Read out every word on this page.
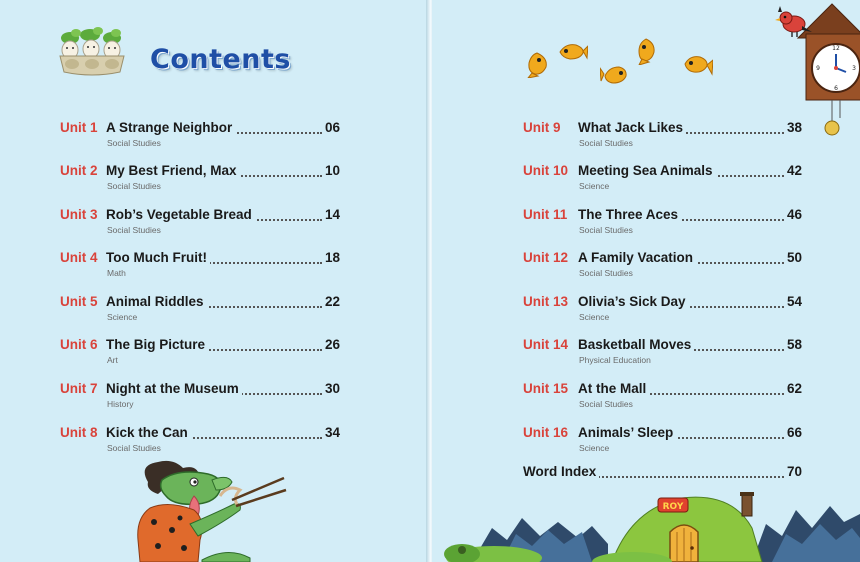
Contents
Unit 1 A Strange Neighbor	06
Social Studies
Unit 2 My Best Friend, Max	10
Social Studies
Unit 3 Rob’s Vegetable Bread	14
Social Studies
Unit 4 Too Much Fruit!	18
Math
Unit 5 Animal Riddles	22
Science
Unit 6 The Big Picture	26
Art
Unit 7 Night at the Museum	30
History
Unit 8 Kick the Can	34
Social Studies
12
3
6
9
Unit 9 What Jack Likes	38
Social Studies
Unit 10 Meeting Sea Animals	42
Science
Unit 11 The Three Aces	46
Social Studies
Unit 12 A Family Vacation	50
Social Studies
Unit 13 Olivia’s Sick Day	54
Science
Unit 14 Basketball Moves	58
Physical Education
Unit 15 At the Mall	62
Social Studies
Unit 16 Animals’ Sleep	66
Science
Word Index	70
ROY
